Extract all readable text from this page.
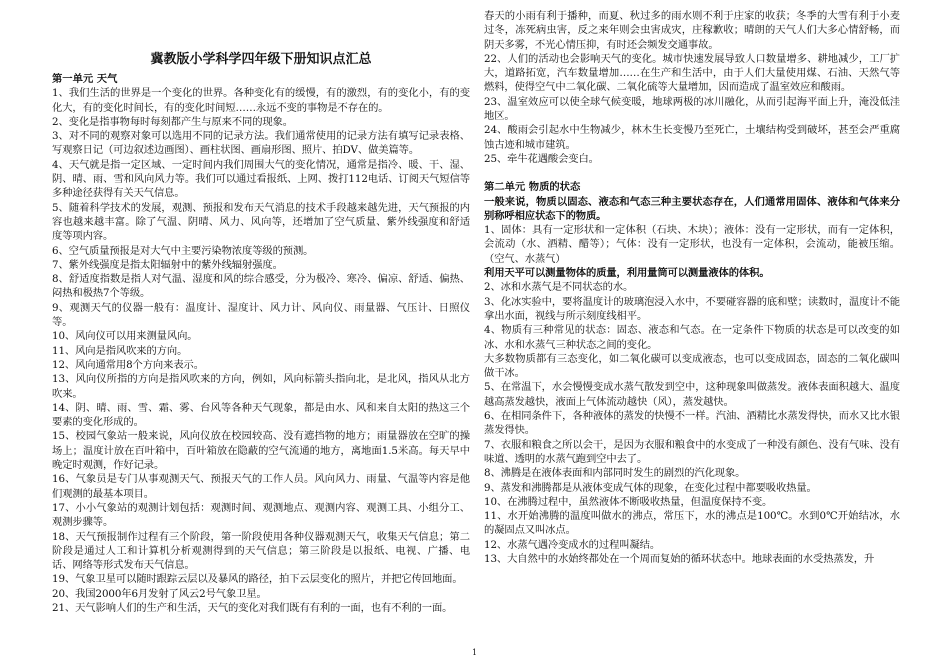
冀教版小学科学四年级下册知识点汇总
第一单元 天气

1、我们生活的世界是一个变化的世界。各种变化有的缓慢，有的激烈，有的变化小，有的变化大，有的变化时间长，有的变化时间短……永远不变的事物是不存在的。

2、变化是指事物每时每刻都产生与原来不同的现象。

3、对不同的观察对象可以选用不同的记录方法。我们通常使用的记录方法有填写记录表格、写观察日记（可边叙述边画图）、画柱状图、画扇形图、照片、拍DV、做美篇等。

4、天气就是指一定区域、一定时间内我们周围大气的变化情况，通常是指冷、暖、干、湿、阴、晴、雨、雪和风向风力等。我们可以通过看报纸、上网、拨打112电话、订阅天气短信等多种途径获得有关天气信息。

5、随着科学技术的发展，观测、预报和发布天气消息的技术手段越来越先进，天气预报的内容也越来越丰富。除了气温、阴晴、风力、风向等，还增加了空气质量、紫外线强度和舒适度等项内容。

6、空气质量预报是对大气中主要污染物浓度等级的预测。

7、紫外线强度是指太阳辐射中的紫外线辐射强度。

8、舒适度指数是指人对气温、湿度和风的综合感受，分为极冷、寒冷、偏凉、舒适、偏热、闷热和极热7个等级。

9、观测天气的仪器一般有：温度计、湿度计、风力计、风向仪、雨量器、气压计、日照仪等。

10、风向仪可以用来测量风向。

11、风向是指风吹来的方向。

12、风向通常用8个方向来表示。

13、风向仪所指的方向是指风吹来的方向，例如，风向标箭头指向北，是北风，指风从北方吹来。

14、阴、晴、雨、雪、霜、雾、台风等各种天气现象，都是由水、风和来自太阳的热这三个要素的变化形成的。

15、校园气象站一般来说，风向仪放在校园较高、没有遮挡物的地方；雨量器放在空旷的操场上；温度计放在百叶箱中，百叶箱放在隐蔽的空气流通的地方，离地面1.5米高。每天早中晚定时观测，作好记录。

16、气象员是专门从事观测天气、预报天气的工作人员。风向风力、雨量、气温等内容是他们观测的最基本项目。

17、小小气象站的观测计划包括：观测时间、观测地点、观测内容、观测工具、小组分工、观测步骤等。

18、天气预报制作过程有三个阶段，第一阶段使用各种仪器观测天气，收集天气信息；第二阶段是通过人工和计算机分析观测得到的天气信息；第三阶段是以报纸、电视、广播、电话、网络等形式发布天气信息。

19、气象卫星可以随时跟踪云层以及暴风的路径，拍下云层变化的照片，并把它传回地面。

20、我国2000年6月发射了风云2号气象卫星。

21、天气影响人们的生产和生活，天气的变化对我们既有有利的一面，也有不利的一面。

春天的小雨有利于播种，而夏、秋过多的雨水则不利于庄家的收获；冬季的大雪有利于小麦过冬，冻死病虫害，反之来年则会虫害成灾，庄稼歉收；晴朗的天气人们大多心情舒畅，而阴天多雾，不光心情压抑，有时还会频发交通事故。

22、人们的活动也会影响天气的变化。城市快速发展导致人口数量增多、耕地减少，工厂扩大，道路拓宽，汽车数量增加……在生产和生活中，由于人们大量使用煤、石油、天然气等燃料，使得空气中二氧化碳、二氧化硫等大量增加，因而造成了温室效应和酸雨。

23、温室效应可以使全球气候变暖，地球两极的冰川融化，从而引起海平面上升，淹没低洼地区。

24、酸雨会引起水中生物减少，林木生长变慢乃至死亡，土壤结构受到破坏，甚至会严重腐蚀古迹和城市建筑。

25、牵牛花遇酸会变白。

第二单元 物质的状态

一般来说，物质以固态、液态和气态三种主要状态存在，人们通常用固体、液体和气体来分别称呼相应状态下的物质。

1、固体：具有一定形状和一定体积（石块、木块）；液体：没有一定形状，而有一定体积，会流动（水、酒精、醋等）；气体：没有一定形状，也没有一定体积，会流动，能被压缩。（空气、水蒸气）

利用天平可以测量物体的质量，利用量筒可以测量液体的体积。

2、冰和水蒸气是不同状态的水。

3、化冰实验中，要将温度计的玻璃泡浸入水中，不要碰容器的底和壁；读数时，温度计不能拿出水面，视线与所示刻度线相平。

4、物质有三种常见的状态：固态、液态和气态。在一定条件下物质的状态是可以改变的如冰、水和水蒸气三种状态之间的变化。

大多数物质都有三态变化，如二氧化碳可以变成液态，也可以变成固态，固态的二氧化碳叫做干冰。

5、在常温下，水会慢慢变成水蒸气散发到空中，这种现象叫做蒸发。液体表面积越大、温度越高蒸发越快，液面上气体流动越快（风），蒸发越快。

6、在相同条件下，各种液体的蒸发的快慢不一样。汽油、酒精比水蒸发得快，而水又比水银蒸发得快。

7、衣服和粮食之所以会干，是因为衣服和粮食中的水变成了一种没有颜色、没有气味、没有味道、透明的水蒸气跑到空中去了。

8、沸腾是在液体表面和内部同时发生的剧烈的汽化现象。

9、蒸发和沸腾都是从液体变成气体的现象，在变化过程中都要吸收热量。

10、在沸腾过程中，虽然液体不断吸收热量，但温度保持不变。

11、水开始沸腾的温度叫做水的沸点，常压下，水的沸点是100℃。水到0℃开始结冰，水的凝固点又叫冰点。

12、水蒸气遇冷变成水的过程叫凝结。

13、大自然中的水始终都处在一个周而复始的循环状态中。地球表面的水受热蒸发，升

1
